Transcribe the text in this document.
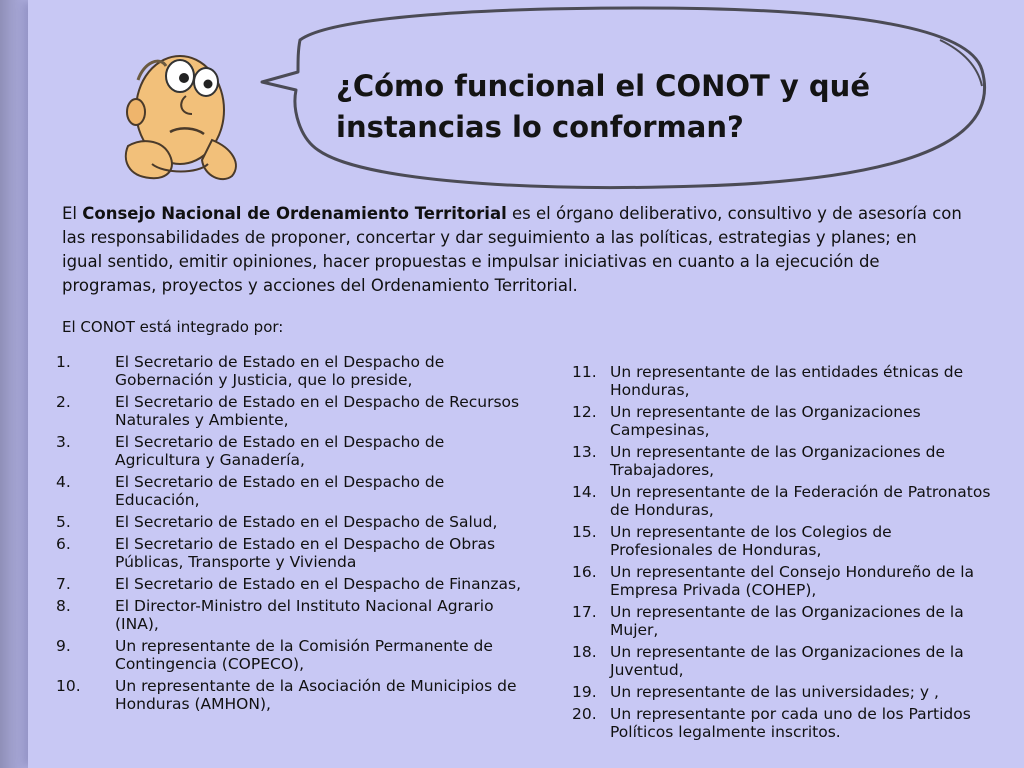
¿Cómo funcional el CONOT y qué instancias lo conforman?

El Consejo Nacional de Ordenamiento Territorial es el órgano deliberativo, consultivo y de asesoría con las responsabilidades de proponer, concertar y dar seguimiento a las políticas, estrategias y planes; en igual sentido, emitir opiniones, hacer propuestas e impulsar iniciativas en cuanto a la ejecución de programas, proyectos y acciones del Ordenamiento Territorial.

El CONOT está integrado por:

1.	El Secretario de Estado en el Despacho de Gobernación y Justicia, que lo preside,
2.	El Secretario de Estado en el Despacho de Recursos Naturales y Ambiente,
3.	El Secretario de Estado en el Despacho de Agricultura y Ganadería,
4.	El Secretario de Estado en el Despacho de Educación,
5.	El Secretario de Estado en el Despacho de Salud,
6.	El Secretario de Estado en el Despacho de Obras Públicas, Transporte y Vivienda
7.	El Secretario de Estado en el Despacho de Finanzas,
8.	El Director-Ministro del Instituto Nacional Agrario (INA),
9.	Un representante de la Comisión Permanente de Contingencia (COPECO),
10. Un representante de la Asociación de Municipios de Honduras (AMHON),
11. Un representante de las entidades étnicas de Honduras,
12. Un representante de las Organizaciones Campesinas,
13. Un representante de las Organizaciones de Trabajadores,
14. Un representante de la Federación de Patronatos de Honduras,
15. Un representante de los Colegios de Profesionales de Honduras,
16. Un representante del Consejo Hondureño de la Empresa Privada (COHEP),
17. Un representante de las Organizaciones de la Mujer,
18. Un representante de las Organizaciones de la Juventud,
19. Un representante de las universidades; y ,
20. Un representante por cada uno de los Partidos Políticos legalmente inscritos.
